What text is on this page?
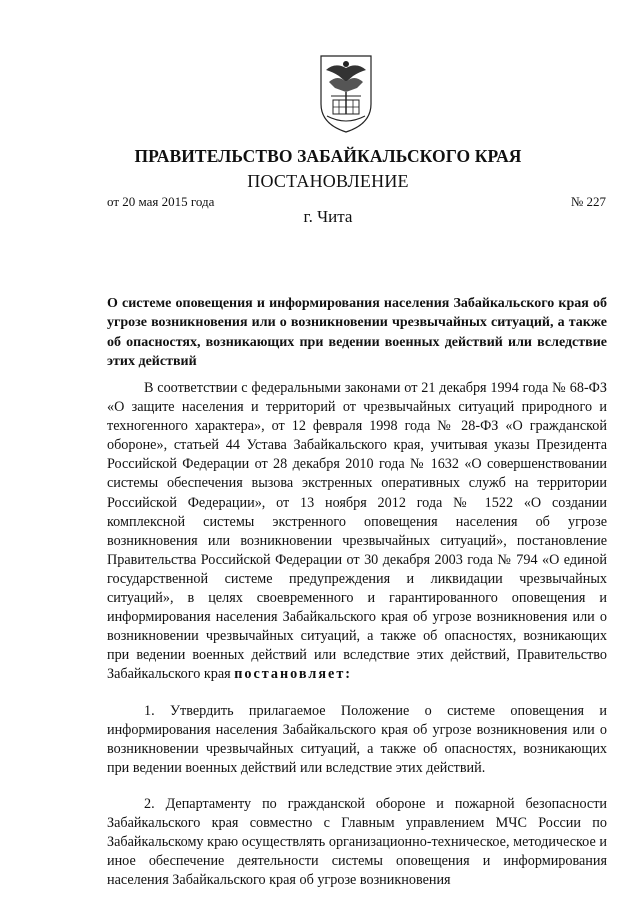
ПРАВИТЕЛЬСТВО ЗАБАЙКАЛЬСКОГО КРАЯ
ПОСТАНОВЛЕНИЕ
от 20 мая 2015 года	№ 227
г. Чита
О системе оповещения и информирования населения Забайкальского края об угрозе возникновения или о возникновении чрезвычайных ситуаций, а также об опасностях, возникающих при ведении военных действий или вследствие этих действий

В соответствии с федеральными законами от 21 декабря 1994 года № 68-ФЗ «О защите населения и территорий от чрезвычайных ситуаций природного и техногенного характера», от 12 февраля 1998 года № 28-ФЗ «О гражданской обороне», статьей 44 Устава Забайкальского края, учитывая указы Президента Российской Федерации от 28 декабря 2010 года № 1632 «О совершенствовании системы обеспечения вызова экстренных оперативных служб на территории Российской Федерации», от 13 ноября 2012 года № 1522 «О создании комплексной системы экстренного оповещения населения об угрозе возникновения или возникновении чрезвычайных ситуаций», постановление Правительства Российской Федерации от 30 декабря 2003 года № 794 «О единой государственной системе предупреждения и ликвидации чрезвычайных ситуаций», в целях своевременного и гарантированного оповещения и информирования населения Забайкальского края об угрозе возникновения или о возникновении чрезвычайных ситуаций, а также об опасностях, возникающих при ведении военных действий или вследствие этих действий, Правительство Забайкальского края постановляет:

1. Утвердить прилагаемое Положение о системе оповещения и информирования населения Забайкальского края об угрозе возникновения или о возникновении чрезвычайных ситуаций, а также об опасностях, возникающих при ведении военных действий или вследствие этих действий.

2. Департаменту по гражданской обороне и пожарной безопасности Забайкальского края совместно с Главным управлением МЧС России по Забайкальскому краю осуществлять организационно-техническое, методическое и иное обеспечение деятельности системы оповещения и информирования населения Забайкальского края об угрозе возникновения
